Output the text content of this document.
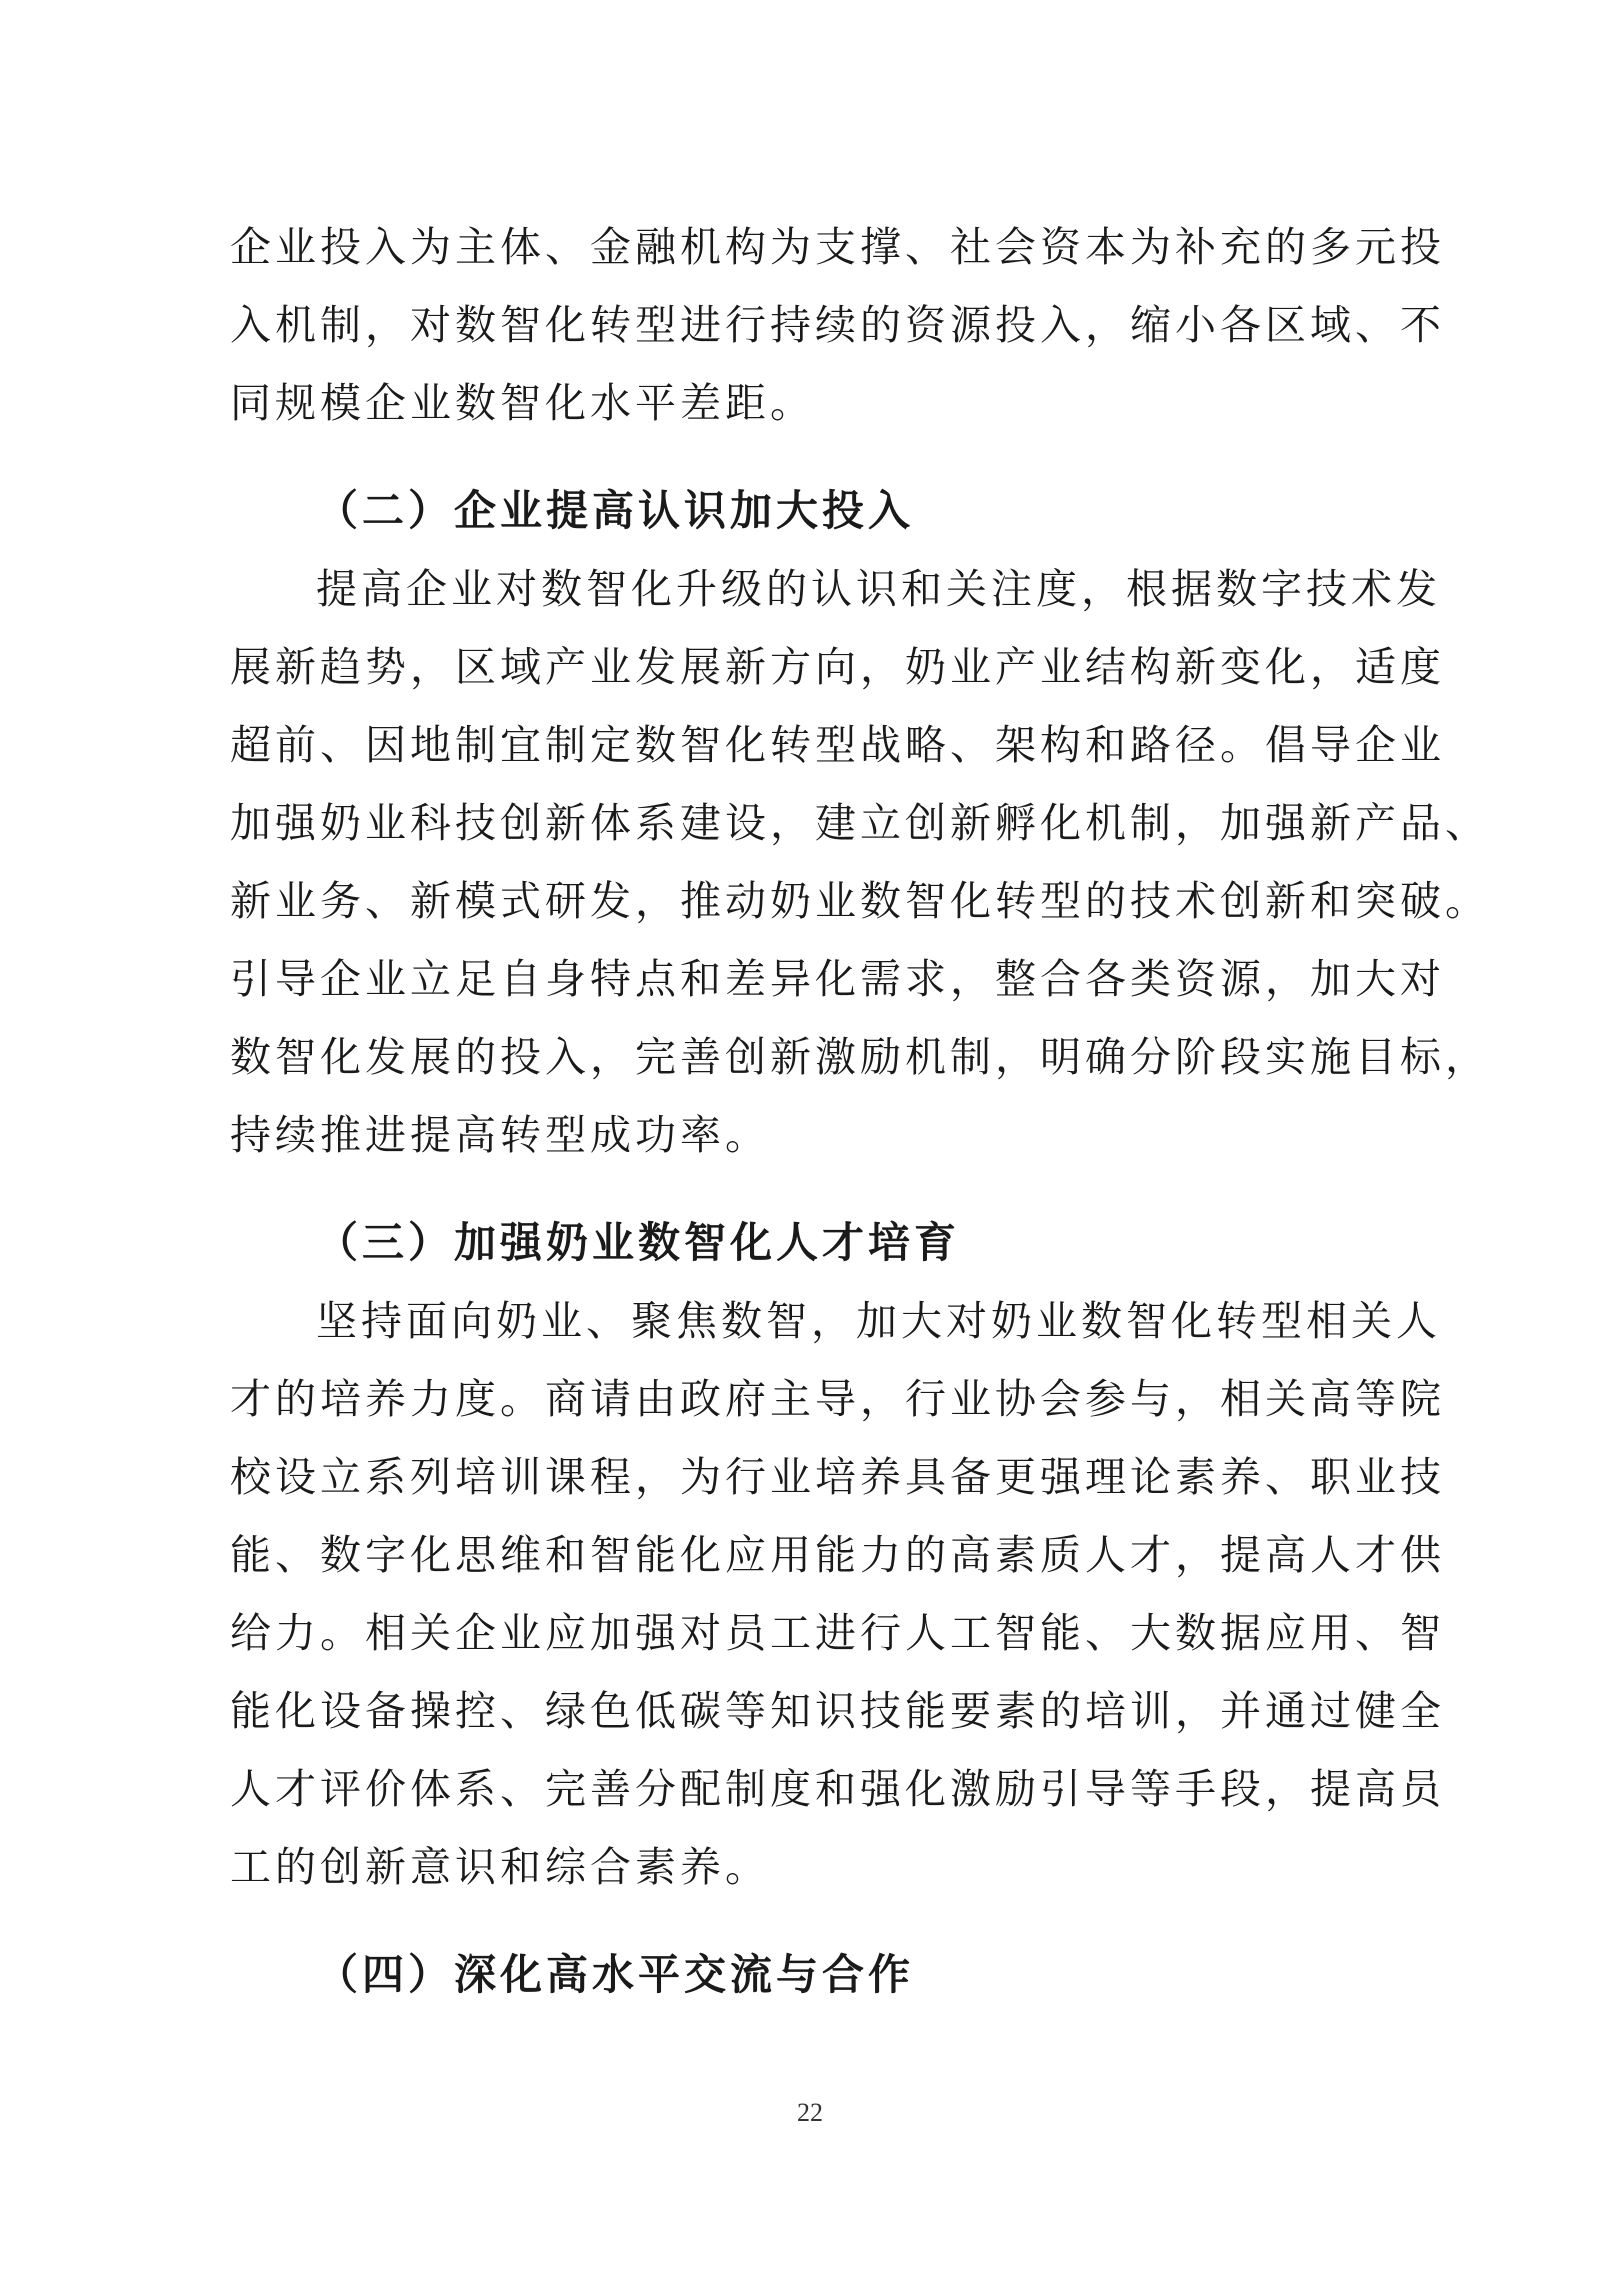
企业投入为主体、金融机构为支撑、社会资本为补充的多元投

入机制，对数智化转型进行持续的资源投入，缩小各区域、不

同规模企业数智化水平差距。

（二）企业提高认识加大投入

提高企业对数智化升级的认识和关注度，根据数字技术发

展新趋势，区域产业发展新方向，奶业产业结构新变化，适度

超前、因地制宜制定数智化转型战略、架构和路径。倡导企业

加强奶业科技创新体系建设，建立创新孵化机制，加强新产品、

新业务、新模式研发，推动奶业数智化转型的技术创新和突破。

引导企业立足自身特点和差异化需求，整合各类资源，加大对

数智化发展的投入，完善创新激励机制，明确分阶段实施目标，

持续推进提高转型成功率。

（三）加强奶业数智化人才培育

坚持面向奶业、聚焦数智，加大对奶业数智化转型相关人

才的培养力度。商请由政府主导，行业协会参与，相关高等院

校设立系列培训课程，为行业培养具备更强理论素养、职业技

能、数字化思维和智能化应用能力的高素质人才，提高人才供

给力。相关企业应加强对员工进行人工智能、大数据应用、智

能化设备操控、绿色低碳等知识技能要素的培训，并通过健全

人才评价体系、完善分配制度和强化激励引导等手段，提高员

工的创新意识和综合素养。

（四）深化高水平交流与合作
22
